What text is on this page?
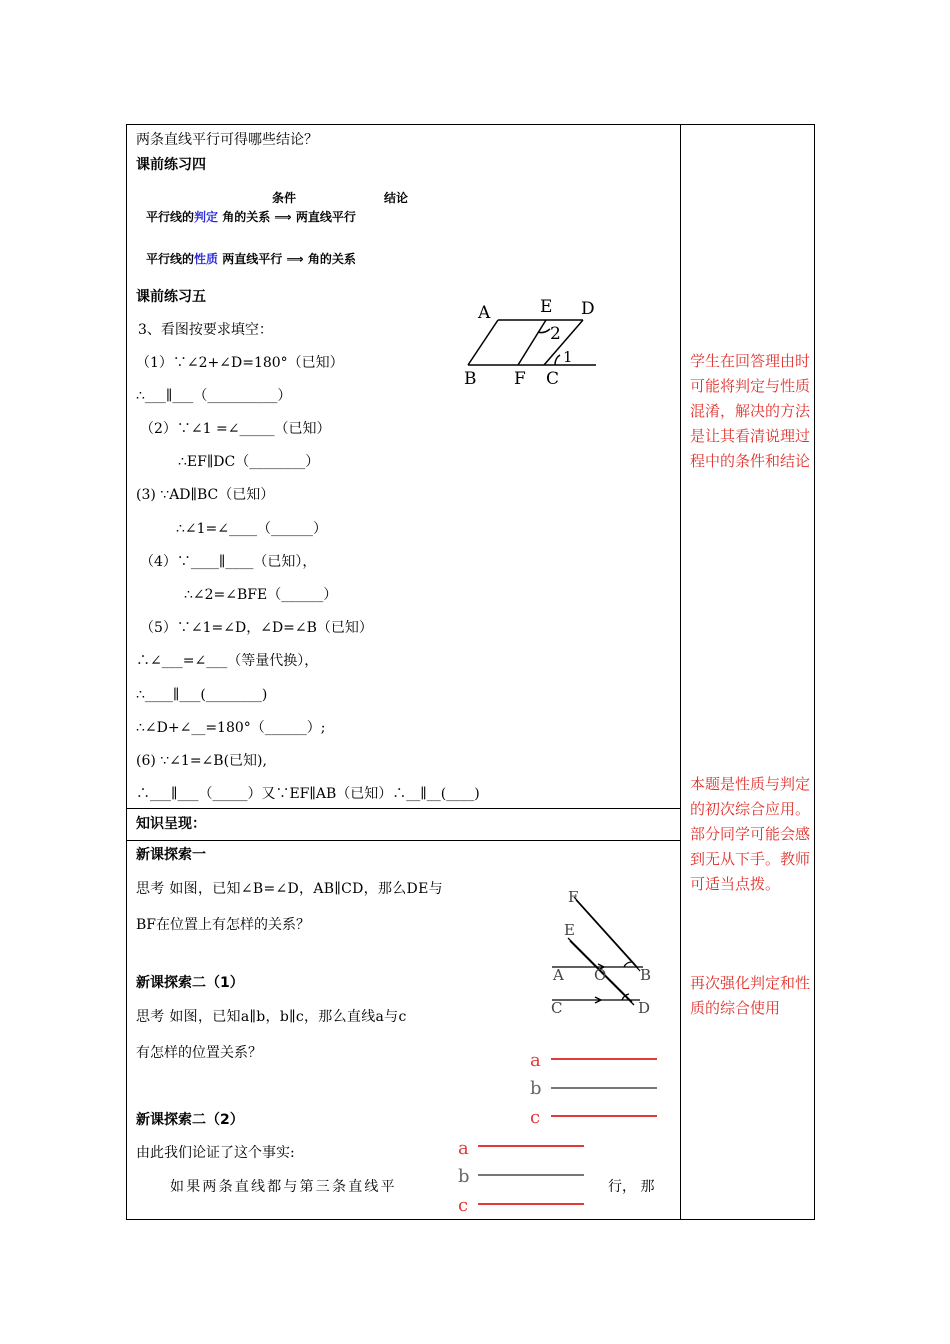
两条直线平行可得哪些结论？
课前练习四
条件	结论
平行线的判定 角的关系 ⟹ 两直线平行
平行线的性质 两直线平行 ⟹ 角的关系
课前练习五
3、看图按要求填空：
（1）∵∠2+∠D=180°（已知）
∴___∥___（__________）
（2）∵∠1 =∠_____（已知）
∴EF∥DC（________）
(3) ∵AD∥BC（已知）
∴∠1=∠____（______）
（4）∵____∥____（已知），
∴∠2=∠BFE（______）
（5）∵∠1=∠D，∠D=∠B（已知）
∴∠___=∠___（等量代换），
∴____∥___(________)
∴∠D+∠__=180°（______）;
(6) ∵∠1=∠B(已知),
∴___∥___（_____）又∵EF∥AB（已知）∴__∥__(____)
A	E D
2
1
B F C
知识呈现：
新课探索一
思考 如图，已知∠B=∠D，AB∥CD，那么DE与
BF在位置上有怎样的关系？
F
E
A O B
C	D
新课探索二（1）
思考 如图，已知a∥b，b∥c，那么直线a与c
有怎样的位置关系？	a
b
c
新课探索二（2）
由此我们论证了这个事实:
如果两条直线都与第三条直线平	行， 那
a
b
c
学生在回答理由时可能将判定与性质混淆，解决的方法是让其看清说理过程中的条件和结论
本题是性质与判定的初次综合应用。部分同学可能会感到无从下手。教师可适当点拨。
再次强化判定和性质的综合使用
